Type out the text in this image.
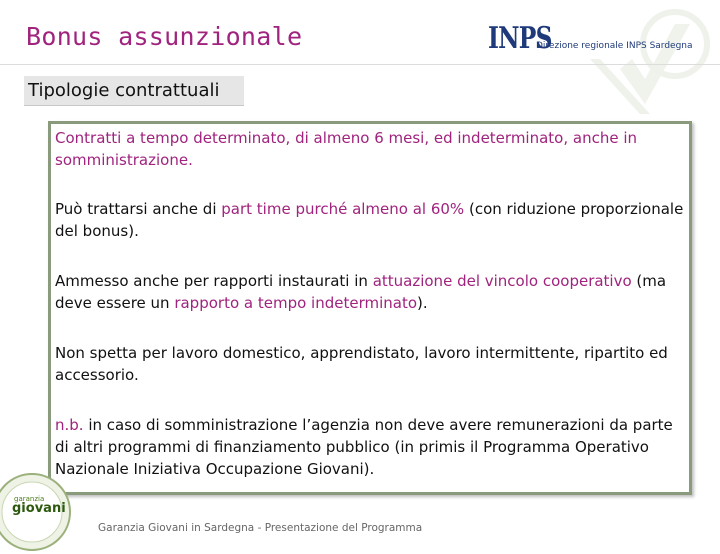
Bonus assunzionale	INPS
Direzione regionale INPS Sardegna
Tipologie contrattuali

Contratti a tempo determinato, di almeno 6 mesi, ed indeterminato, anche in somministrazione.

Può trattarsi anche di part time purché almeno al 60% (con riduzione proporzionale del bonus).

Ammesso anche per rapporti instaurati in attuazione del vincolo cooperativo (ma deve essere un rapporto a tempo indeterminato).

Non spetta per lavoro domestico, apprendistato, lavoro intermittente, ripartito ed accessorio.

n.b. in caso di somministrazione l’agenzia non deve avere remunerazioni da parte di altri programmi di finanziamento pubblico (in primis il Programma Operativo Nazionale Iniziativa Occupazione Giovani).

garanzia
giovani
Garanzia Giovani in Sardegna - Presentazione del Programma
